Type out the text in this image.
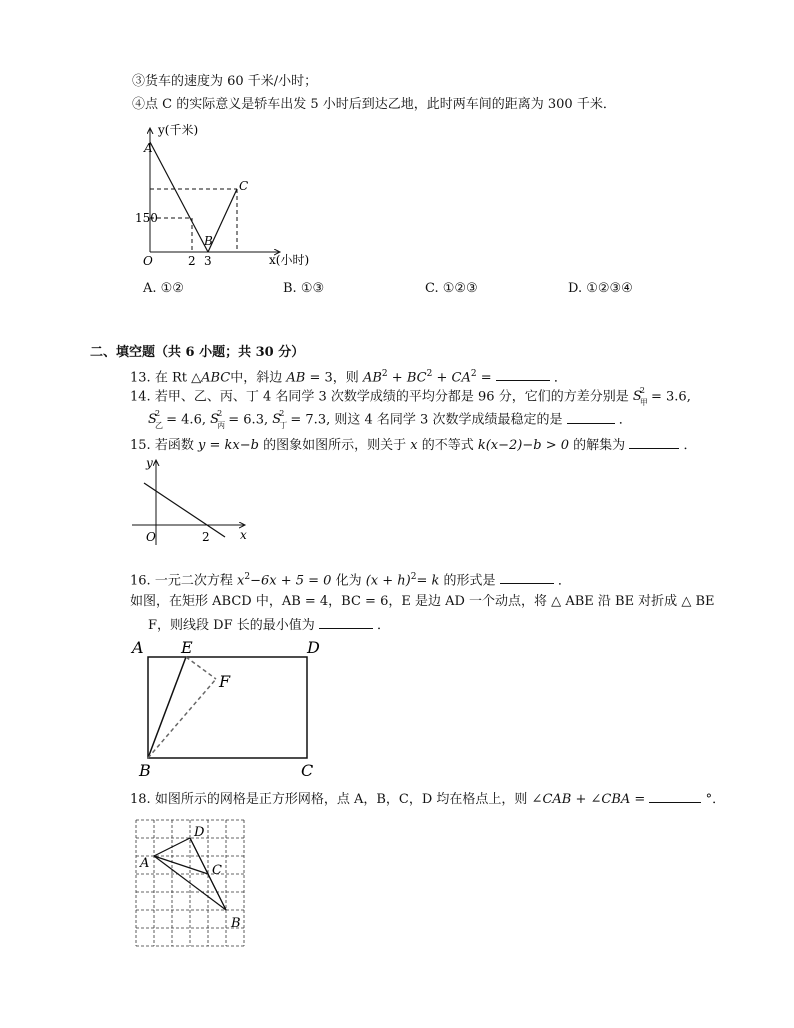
③货车的速度为 60 千米/小时；
④点 C 的实际意义是轿车出发 5 小时后到达乙地，此时两车间的距离为 300 千米．
y(千米)
A
C
150
B
O	2 3	x(小时)
A. ①②	B. ①③	C. ①②③	D. ①②③④
二、填空题（共 6 小题；共 30 分）
13. 在 Rt △ABC中，斜边 AB = 3，则 $AB^2 + BC^2 + CA^2$ =	．
14. 若甲、乙、丙、丁 4 名同学 3 次数学成绩的平均分都是 96 分，它们的方差分别是 S
2
甲 = 3.6,
S
2
乙 = 4.6, S
2
丙 = 6.3, S
2
丁 = 7.3, 则这 4 名同学 3 次数学成绩最稳定的是	．
15. 若函数 y = kx−b 的图象如图所示，则关于 x 的不等式 k(x−2)−b > 0 的解集为	．
y
x
O	2
16. 一元二次方程 $x^2-6x + 5 = 0$ 化为 $(x + h)^2= k$ 的形式是	．
如图，在矩形 ABCD 中，AB = 4，BC = 6，E 是边 AD 一个动点，将 △ ABE 沿 BE 对折成 △ BE
F，则线段 DF 长的最小值为	．
A E	D
F
B	C
18. 如图所示的网格是正方形网格，点 A，B，C，D 均在格点上，则 ∠CAB + ∠CBA =	°．
D
A	C
B
